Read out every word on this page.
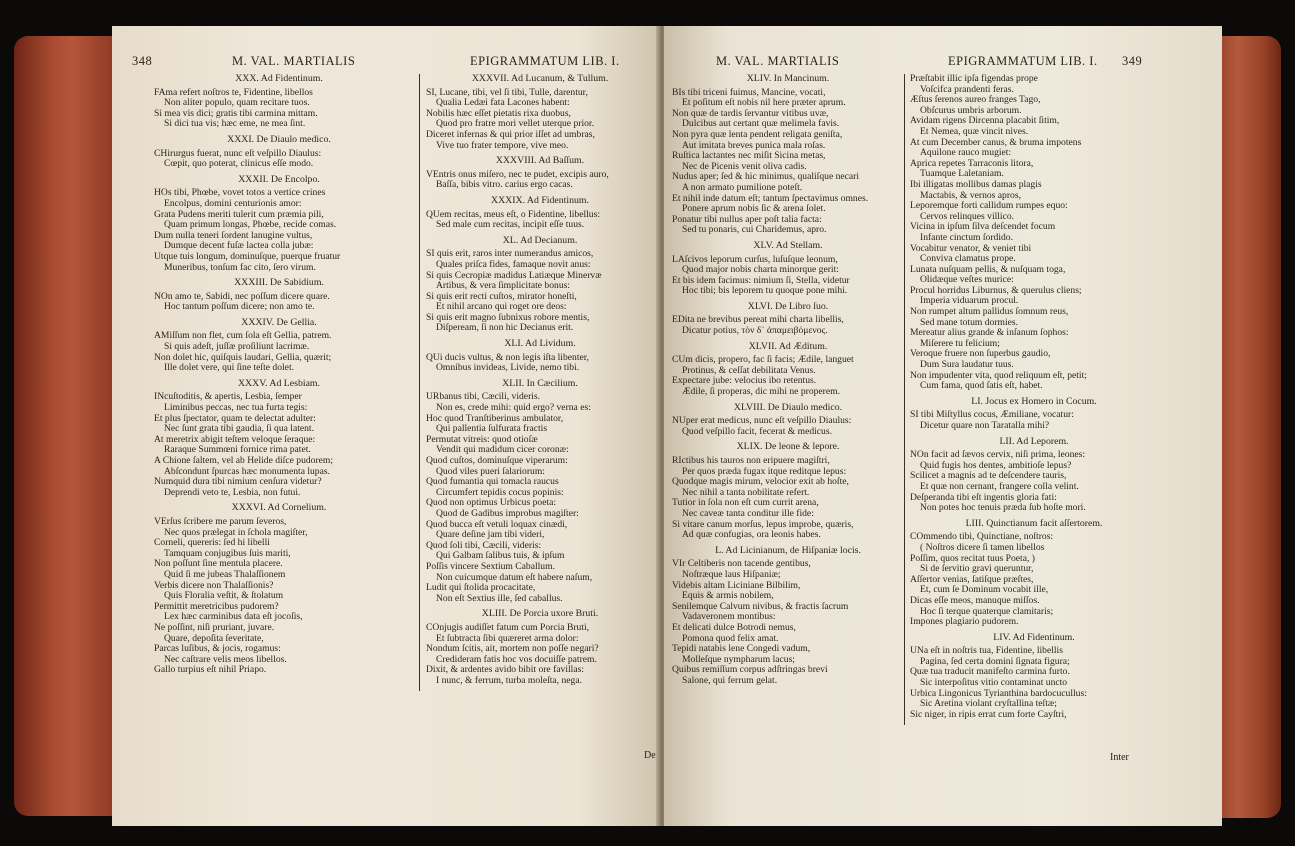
348	M. VAL. MARTIALIS	EPIGRAMMATUM LIB. I.
XXX. Ad Fidentinum.

FAma refert noſtros te, Fidentine, libellos

Non aliter populo, quam recitare tuos.

Si mea vis dici; gratis tibi carmina mittam.

Si dici tua vis; hæc eme, ne mea ſint.

XXXI. De Diaulo medico.

CHirurgus fuerat, nunc eſt veſpillo Diaulus:

Cœpit, quo poterat, clinicus eſſe modo.

XXXII. De Encolpo.

HOs tibi, Phœbe, vovet totos a vertice crines

Encolpus, domini centurionis amor:

Grata Pudens meriti tulerit cum præmia pili,

Quam primum longas, Phœbe, recide comas.

Dum nulla teneri ſordent lanugine vultus,

Dumque decent fuſæ lactea colla jubæ:

Utque tuis longum, dominuſque, puerque fruatur

Muneribus, tonſum fac cito, ſero virum.

XXXIII. De Sabidium.

NOn amo te, Sabidi, nec poſſum dicere quare.

Hoc tantum poſſum dicere; non amo te.

XXXIV. De Gellia.

AMiſſum non flet, cum ſola eſt Gellia, patrem.

Si quis adeſt, juſſæ proſiliunt lacrimæ.

Non dolet hic, quiſquis laudari, Gellia, quærit;

Ille dolet vere, qui ſine teſte dolet.

XXXV. Ad Lesbiam.

INcuſtoditis, & apertis, Lesbia, ſemper

Liminibus peccas, nec tua furta tegis:

Et plus ſpectator, quam te delectat adulter:

Nec ſunt grata tibi gaudia, ſi qua latent.

At meretrix abigit teſtem veloque ſeraque:

Raraque Summœni fornice rima patet.

A Chione ſaltem, vel ab Helide diſce pudorem;

Abſcondunt ſpurcas hæc monumenta lupas.

Numquid dura tibi nimium cenſura videtur?

Deprendi veto te, Lesbia, non futui.

XXXVI. Ad Cornelium.

VErſus ſcribere me parum ſeveros,

Nec quos prælegat in ſchola magiſter,

Corneli, quereris: ſed hi libelli

Tamquam conjugibus ſuis mariti,

Non poſſunt ſine mentula placere.

Quid ſi me jubeas Thalaſſionem

Verbis dicere non Thalaſſionis?

Quis Floralia veſtit, & ſtolatum

Permittit meretricibus pudorem?

Lex hæc carminibus data eſt jocoſis,

Ne poſſint, niſi pruriant, juvare.

Quare, depoſita ſeveritate,

Parcas luſibus, & jocis, rogamus:

Nec caſtrare velis meos libellos.

Gallo turpius eſt nihil Priapo.

XXXVII. Ad Lucanum, & Tullum.

SI, Lucane, tibi, vel ſi tibi, Tulle, darentur,

Qualia Ledæi fata Lacones habent:

Nobilis hæc eſſet pietatis rixa duobus,

Quod pro fratre mori vellet uterque prior.

Diceret infernas & qui prior iſſet ad umbras,

Vive tuo frater tempore, vive meo.

XXXVIII. Ad Baſſum.

VEntris onus miſero, nec te pudet, excipis auro,

Baſſa, bibis vitro. carius ergo cacas.

XXXIX. Ad Fidentinum.

QUem recitas, meus eſt, o Fidentine, libellus:

Sed male cum recitas, incipit eſſe tuus.

XL. Ad Decianum.

SI quis erit, raros inter numerandus amicos,

Quales priſca fides, famaque novit anus:

Si quis Cecropiæ madidus Latiæque Minervæ

Artibus, & vera ſimplicitate bonus:

Si quis erit recti cuſtos, mirator honeſti,

Et nihil arcano qui roget ore deos:

Si quis erit magno ſubnixus robore mentis,

Diſpeream, ſi non hic Decianus erit.

XLI. Ad Lividum.

QUi ducis vultus, & non legis iſta libenter,

Omnibus invideas, Livide, nemo tibi.

XLII. In Cæcilium.

URbanus tibi, Cæcili, videris.

Non es, crede mihi: quid ergo? verna es:

Hoc quod Tranſtiberinus ambulator,

Qui pallentia ſulfurata fractis

Permutat vitreis: quod otioſæ

Vendit qui madidum cicer coronæ:

Quod cuſtos, dominuſque viperarum:

Quod viles pueri ſalariorum:

Quod fumantia qui tomacla raucus

Circumfert tepidis cocus popinis:

Quod non optimus Urbicus poeta:

Quod de Gadibus improbus magiſter:

Quod bucca eſt vetuli loquax cinædi,

Quare deſine jam tibi videri,

Quod ſoli tibi, Cæcili, videris:

Qui Galbam ſalibus tuis, & ipſum

Poſſis vincere Sextium Caballum.

Non cuicumque datum eſt habere naſum,

Ludit qui ſtolida procacitate,

Non eſt Sextius ille, ſed caballus.

XLIII. De Porcia uxore Bruti.

COnjugis audiſſet fatum cum Porcia Bruti,

Et ſubtracta ſibi quæreret arma dolor:

Nondum ſcitis, ait, mortem non poſſe negari?

Credideram fatis hoc vos docuiſſe patrem.

Dixit, & ardentes avido bibit ore favillas:

I nunc, & ferrum, turba moleſta, nega.

De
M. VAL. MARTIALIS	EPIGRAMMATUM LIB. I. 349
XLIV. In Mancinum.

BIs tibi triceni fuimus, Mancine, vocati,

Et poſitum eſt nobis nil here præter aprum.

Non quæ de tardis ſervantur vitibus uvæ,

Dulcibus aut certant quæ melimela favis.

Non pyra quæ lenta pendent religata geniſta,

Aut imitata breves punica mala roſas.

Ruſtica lactantes nec miſit Sicina metas,

Nec de Picenis venit oliva cadis.

Nudus aper; ſed & hic minimus, qualiſque necari

A non armato pumilione poteſt.

Et nihil inde datum eſt; tantum ſpectavimus omnes.

Ponere aprum nobis ſic & arena ſolet.

Ponatur tibi nullus aper poſt talia facta:

Sed tu ponaris, cui Charidemus, apro.

XLV. Ad Stellam.

LAſcivos leporum curſus, luſuſque leonum,

Quod major nobis charta minorque gerit:

Et bis idem facimus: nimium ſi, Stella, videtur

Hoc tibi; bis leporem tu quoque pone mihi.

XLVI. De Libro ſuo.

EDita ne brevibus pereat mihi charta libellis,

Dicatur potius, τὸν δ᾽ ἀπαμειβόμενος.

XLVII. Ad Æditum.

CUm dicis, propero, fac ſi facis; Ædile, languet

Protinus, & ceſſat debilitata Venus.

Expectare jube: velocius ibo retentus.

Ædile, ſi properas, dic mihi ne properem.

XLVIII. De Diaulo medico.

NUper erat medicus, nunc eſt veſpillo Diaulus:

Quod veſpillo facit, fecerat & medicus.

XLIX. De leone & lepore.

RIctibus his tauros non eripuere magiſtri,

Per quos præda fugax itque reditque lepus:

Quodque magis mirum, velocior exit ab hoſte,

Nec nihil a tanta nobilitate refert.

Tutior in ſola non eſt cum currit arena,

Nec caveæ tanta conditur ille fide:

Si vitare canum morſus, lepus improbe, quæris,

Ad quæ confugias, ora leonis habes.

L. Ad Licinianum, de Hiſpaniæ locis.

VIr Celtiberis non tacende gentibus,

Noſtræque laus Hiſpaniæ;

Videbis altam Liciniane Bilbilim,

Equis & armis nobilem,

Senilemque Calvum nivibus, & fractis ſacrum

Vadaveronem montibus:

Et delicati dulce Botrodi nemus,

Pomona quod felix amat.

Tepidi natabis lene Congedi vadum,

Molleſque nympharum lacus;

Quibus remiſſum corpus adſtringas brevi

Salone, qui ferrum gelat.

Præſtabit illic ipſa figendas prope

Voſcifca prandenti feras.

Æſtus ſerenos aureo franges Tago,

Obſcurus umbris arborum.

Avidam rigens Dircenna placabit ſitim,

Et Nemea, quæ vincit nives.

At cum December canus, & bruma impotens

Aquilone rauco mugiet:

Aprica repetes Tarraconis litora,

Tuamque Laletaniam.

Ibi illigatas mollibus damas plagis

Mactabis, & vernos apros,

Leporemque forti callidum rumpes equo:

Cervos relinques villico.

Vicina in ipſum ſilva deſcendet focum

Infante cinctum ſordido.

Vocabitur venator, & veniet tibi

Conviva clamatus prope.

Lunata nuſquam pellis, & nuſquam toga,

Olidæque veſtes murice:

Procul horridus Liburnus, & querulus cliens;

Imperia viduarum procul.

Non rumpet altum pallidus ſomnum reus,

Sed mane totum dormies.

Mereatur alius grande & inſanum ſophos:

Miſerere tu felicium;

Veroque fruere non ſuperbus gaudio,

Dum Sura laudatur tuus.

Non impudenter vita, quod reliquum eſt, petit;

Cum fama, quod ſatis eſt, habet.

LI. Jocus ex Homero in Cocum.

SI tibi Miſtyllus cocus, Æmiliane, vocatur:

Dicetur quare non Taratalla mihi?

LII. Ad Leporem.

NOn facit ad ſævos cervix, niſi prima, leones:

Quid fugis hos dentes, ambitioſe lepus?

Scilicet a magnis ad te deſcendere tauris,

Et quæ non cernant, frangere colla velint.

Deſperanda tibi eſt ingentis gloria fati:

Non potes hoc tenuis præda ſub hoſte mori.

LIII. Quinctianum facit aſſertorem.

COmmendo tibi, Quinctiane, noſtros:

( Noſtros dicere ſi tamen libellos

Poſſim, quos recitat tuus Poeta, )

Si de ſervitio gravi queruntur,

Aſſertor venias, ſatiſque præſtes,

Et, cum ſe Dominum vocabit ille,

Dicas eſſe meos, manuque miſſos.

Hoc ſi terque quaterque clamitaris;

Impones plagiario pudorem.

LIV. Ad Fidentinum.

UNa eſt in noſtris tua, Fidentine, libellis

Pagina, ſed certa domini ſignata figura;

Quæ tua traducit manifeſto carmina furto.

Sic interpoſitus vitio contaminat uncto

Urbica Lingonicus Tyrianthina bardocucullus:

Sic Aretina violant cryſtallina teſtæ;

Sic niger, in ripis errat cum forte Cayſtri,

Inter
